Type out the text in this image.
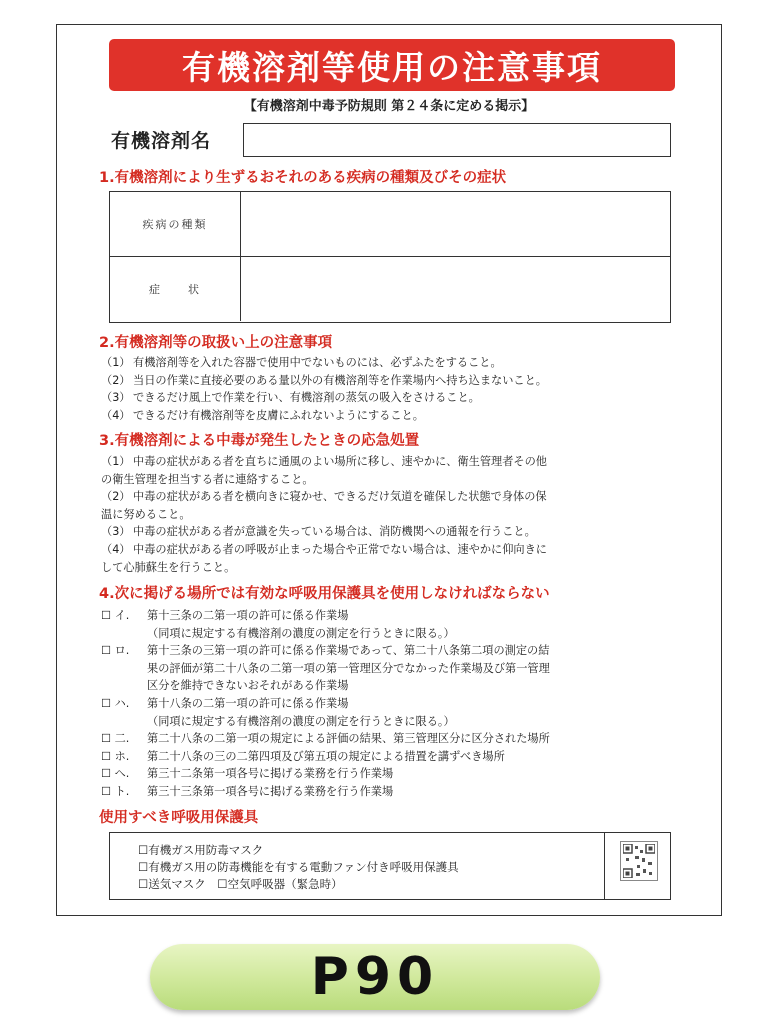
有機溶剤等使用の注意事項
【有機溶剤中毒予防規則 第２４条に定める掲示】
有機溶剤名
1.有機溶剤により生ずるおそれのある疾病の種類及びその症状
疾病の種類
症　　状
2.有機溶剤等の取扱い上の注意事項
（1） 有機溶剤等を入れた容器で使用中でないものには、必ずふたをすること。
（2） 当日の作業に直接必要のある量以外の有機溶剤等を作業場内へ持ち込まないこと。
（3） できるだけ風上で作業を行い、有機溶剤の蒸気の吸入をさけること。
（4） できるだけ有機溶剤等を皮膚にふれないようにすること。
3.有機溶剤による中毒が発生したときの応急処置
（1） 中毒の症状がある者を直ちに通風のよい場所に移し、速やかに、衛生管理者その他
の衛生管理を担当する者に連絡すること。
（2） 中毒の症状がある者を横向きに寝かせ、できるだけ気道を確保した状態で身体の保
温に努めること。
（3） 中毒の症状がある者が意識を失っている場合は、消防機関への通報を行うこと。
（4） 中毒の症状がある者の呼吸が止まった場合や正常でない場合は、速やかに仰向きに
して心肺蘇生を行うこと。
4.次に掲げる場所では有効な呼吸用保護具を使用しなければならない
☐ イ.	第十三条の二第一項の許可に係る作業場
（同項に規定する有機溶剤の濃度の測定を行うときに限る。）
☐ ロ.	第十三条の三第一項の許可に係る作業場であって、第二十八条第二項の測定の結
果の評価が第二十八条の二第一項の第一管理区分でなかった作業場及び第一管理
区分を維持できないおそれがある作業場
☐ ハ.	第十八条の二第一項の許可に係る作業場
（同項に規定する有機溶剤の濃度の測定を行うときに限る。）
☐ 二.	第二十八条の二第一項の規定による評価の結果、第三管理区分に区分された場所
☐ ホ.	第二十八条の三の二第四項及び第五項の規定による措置を講ずべき場所
☐ へ.	第三十二条第一項各号に掲げる業務を行う作業場
☐ ト.	第三十三条第一項各号に掲げる業務を行う作業場
使用すべき呼吸用保護具
☐有機ガス用防毒マスク
☐有機ガス用の防毒機能を有する電動ファン付き呼吸用保護具
☐送気マスク　☐空気呼吸器（緊急時）
P90
